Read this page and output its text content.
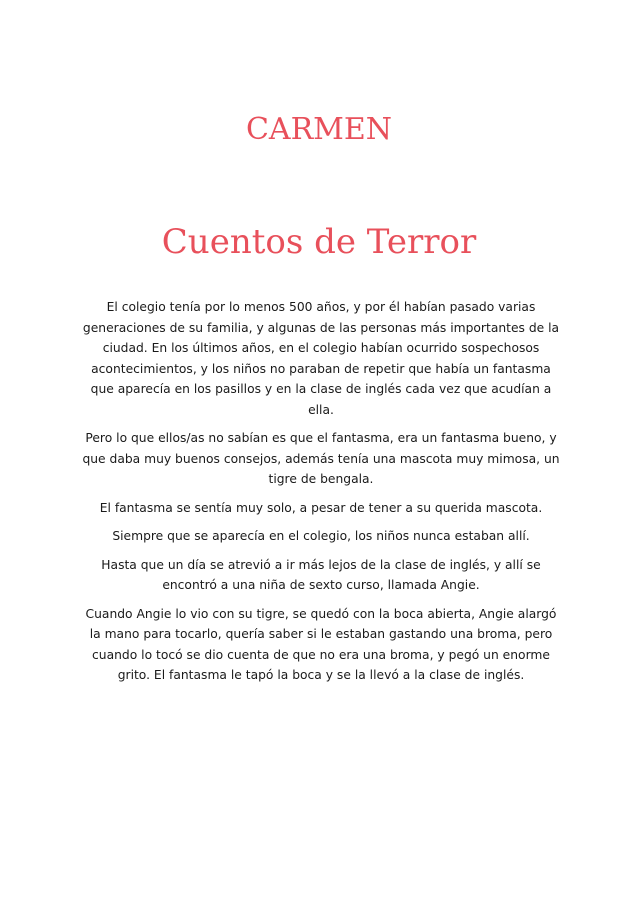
CARMEN
Cuentos de Terror

El colegio tenía por lo menos 500 años, y por él habían pasado varias generaciones de su familia, y algunas de las personas más importantes de la ciudad. En los últimos años, en el colegio habían ocurrido sospechosos acontecimientos, y los niños no paraban de repetir que había un fantasma que aparecía en los pasillos y en la clase de inglés cada vez que acudían a ella.

Pero lo que ellos/as no sabían es que el fantasma, era un fantasma bueno, y que daba muy buenos consejos, además tenía una mascota muy mimosa, un tigre de bengala.

El fantasma se sentía muy solo, a pesar de tener a su querida mascota.

Siempre que se aparecía en el colegio, los niños nunca estaban allí.

Hasta que un día se atrevió a ir más lejos de la clase de inglés, y allí se encontró a una niña de sexto curso, llamada Angie.

Cuando Angie lo vio con su tigre, se quedó con la boca abierta, Angie alargó la mano para tocarlo, quería saber si le estaban gastando una broma, pero cuando lo tocó se dio cuenta de que no era una broma, y pegó un enorme grito. El fantasma le tapó la boca y se la llevó a la clase de inglés.
